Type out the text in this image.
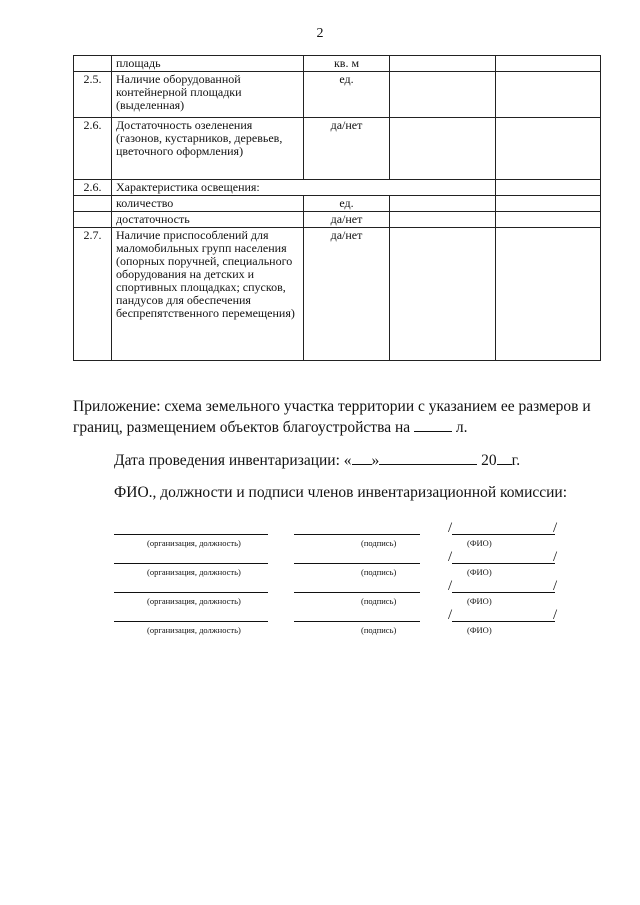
2
	площадь	кв. м		
2.5.	Наличие оборудованной контейнерной площадки (выделенная)	ед.		
2.6.	Достаточность озеленения (газонов, кустарников, деревьев, цветочного оформления)	да/нет		
2.6.	Характеристика освещения:			
	количество	ед.		
	достаточность	да/нет		
2.7.	Наличие приспособлений для маломобильных групп населения (опорных поручней, специального оборудования на детских и спортивных площадках; спусков, пандусов для обеспечения беспрепятственного перемещения)	да/нет		
Приложение: схема земельного участка территории с указанием ее размеров и границ, размещением объектов благоустройства на	л.
Дата проведения инвентаризации: « »	20 г.
ФИО., должности и подписи членов инвентаризационной комиссии:
(организация, должность)	(подпись)	(ФИО)
/	/
(организация, должность)	(подпись)	(ФИО)
/	/
(организация, должность)	(подпись)	(ФИО)
/	/
(организация, должность)	(подпись)	(ФИО)
/	/
